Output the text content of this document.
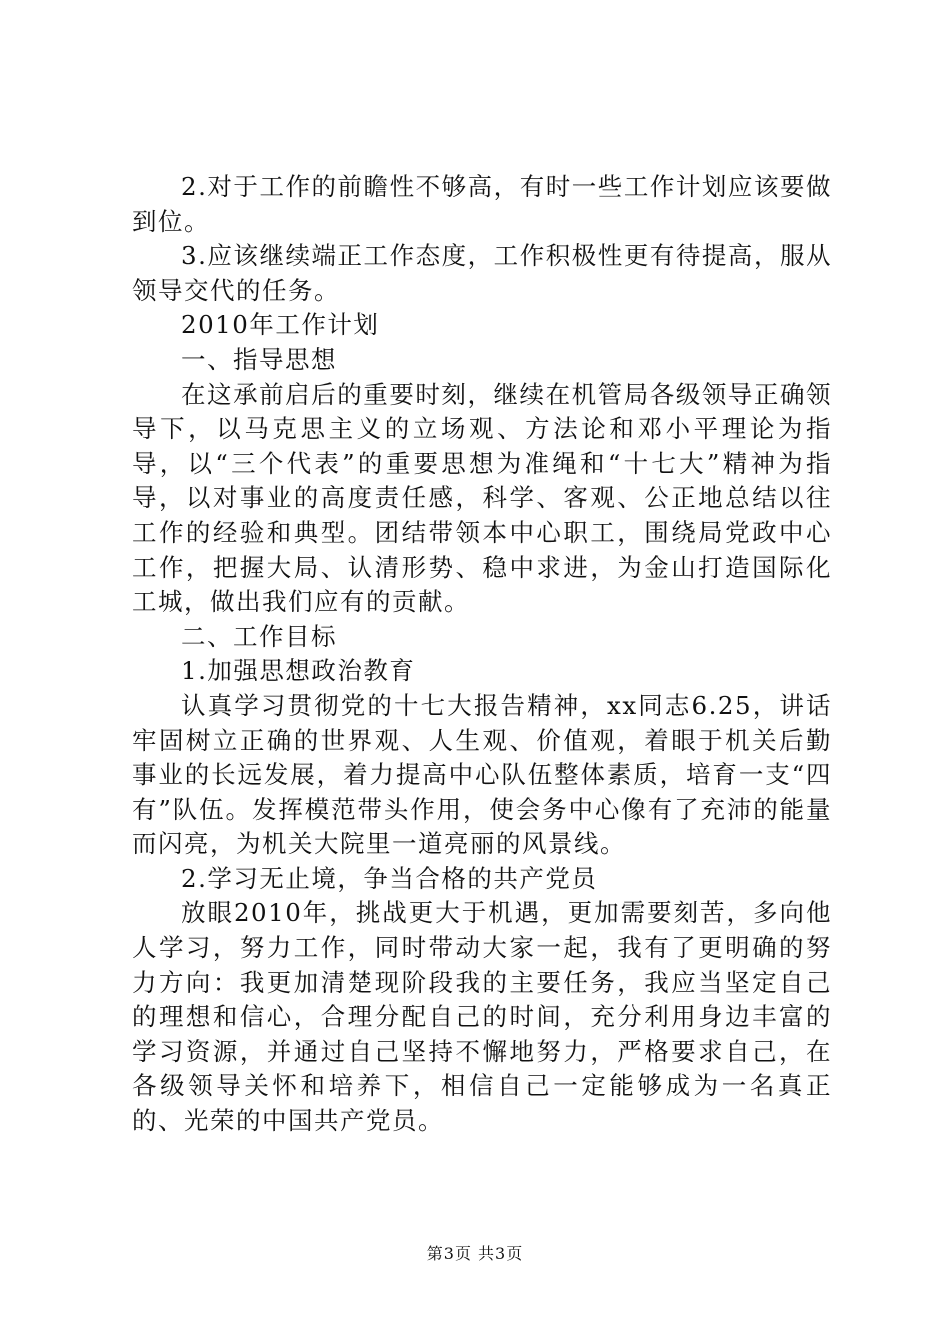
2.对于工作的前瞻性不够高，有时一些工作计划应该要做到位。

3.应该继续端正工作态度，工作积极性更有待提高，服从领导交代的任务。

2010年工作计划

一、指导思想

在这承前启后的重要时刻，继续在机管局各级领导正确领导下，以马克思主义的立场观、方法论和邓小平理论为指导，以“三个代表”的重要思想为准绳和“十七大”精神为指导，以对事业的高度责任感，科学、客观、公正地总结以往工作的经验和典型。团结带领本中心职工，围绕局党政中心工作，把握大局、认清形势、稳中求进，为金山打造国际化工城，做出我们应有的贡献。

二、工作目标

1.加强思想政治教育

认真学习贯彻党的十七大报告精神，xx同志6.25，讲话牢固树立正确的世界观、人生观、价值观，着眼于机关后勤事业的长远发展，着力提高中心队伍整体素质，培育一支“四有”队伍。发挥模范带头作用，使会务中心像有了充沛的能量而闪亮，为机关大院里一道亮丽的风景线。

2.学习无止境，争当合格的共产党员

放眼2010年，挑战更大于机遇，更加需要刻苦，多向他人学习，努力工作，同时带动大家一起，我有了更明确的努力方向：我更加清楚现阶段我的主要任务，我应当坚定自己的理想和信心，合理分配自己的时间，充分利用身边丰富的学习资源，并通过自己坚持不懈地努力，严格要求自己，在各级领导关怀和培养下，相信自己一定能够成为一名真正的、光荣的中国共产党员。

第3页 共3页
